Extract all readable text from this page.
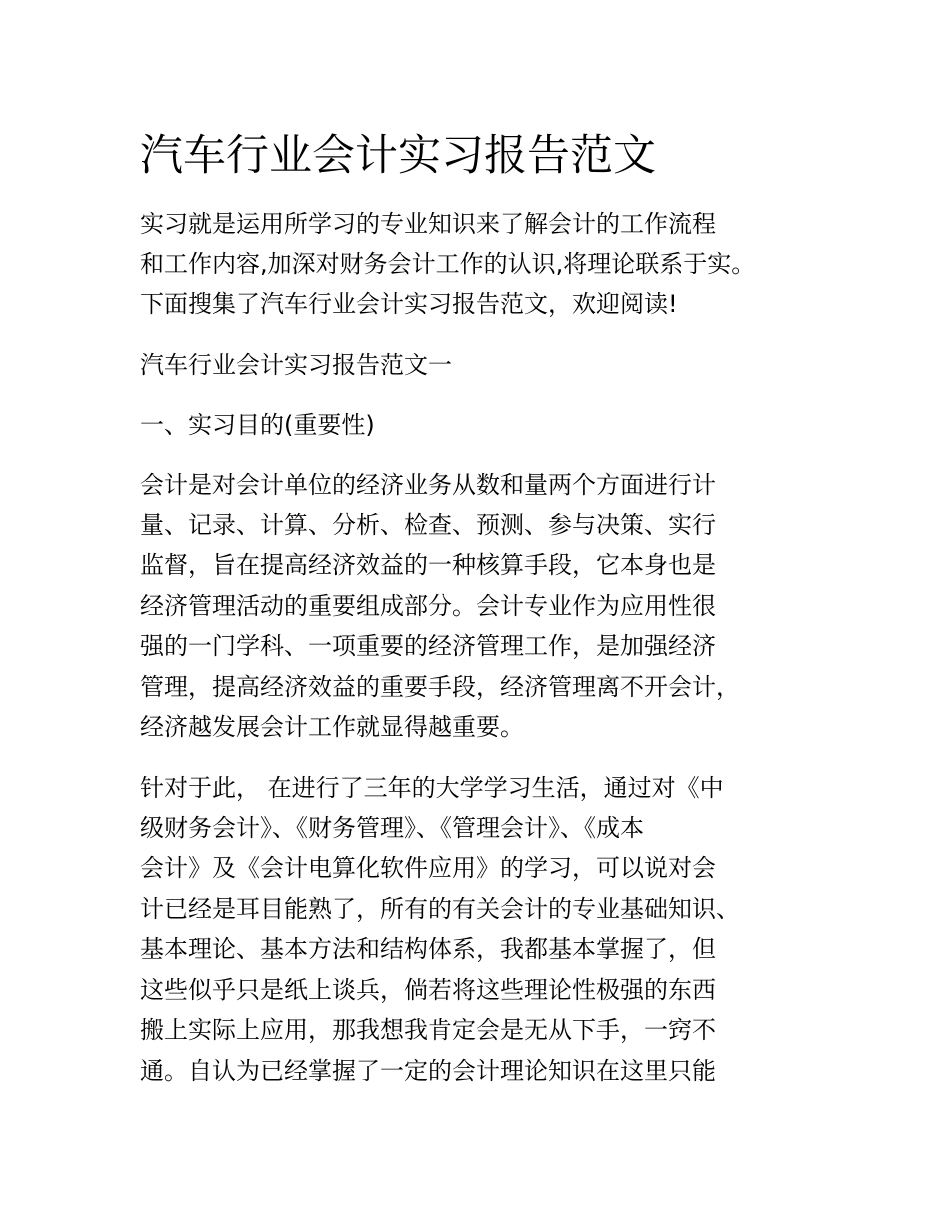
汽车行业会计实习报告范文

实习就是运用所学习的专业知识来了解会计的工作流程

和工作内容,加深对财务会计工作的认识,将理论联系于实。

下面搜集了汽车行业会计实习报告范文，欢迎阅读!

汽车行业会计实习报告范文一

一、实习目的(重要性)

会计是对会计单位的经济业务从数和量两个方面进行计

量、记录、计算、分析、检查、预测、参与决策、实行

监督，旨在提高经济效益的一种核算手段，它本身也是

经济管理活动的重要组成部分。会计专业作为应用性很

强的一门学科、一项重要的经济管理工作，是加强经济

管理，提高经济效益的重要手段，经济管理离不开会计，

经济越发展会计工作就显得越重要。

针对于此， 在进行了三年的大学学习生活，通过对《中

级财务会计》、《财务管理》、《管理会计》、《成本

会计》及《会计电算化软件应用》的学习，可以说对会

计已经是耳目能熟了，所有的有关会计的专业基础知识、

基本理论、基本方法和结构体系，我都基本掌握了，但

这些似乎只是纸上谈兵，倘若将这些理论性极强的东西

搬上实际上应用，那我想我肯定会是无从下手，一窍不

通。自认为已经掌握了一定的会计理论知识在这里只能
